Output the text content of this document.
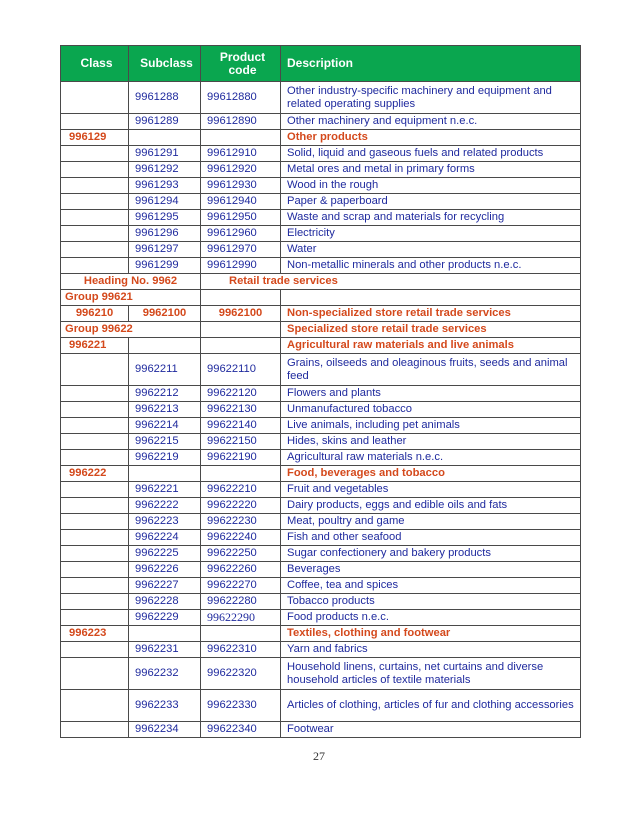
Class	Subclass	Product code	Description
	9961288	99612880	Other industry-specific machinery and equipment and related operating supplies
	9961289	99612890	Other machinery and equipment n.e.c.
996129			Other products
	9961291	99612910	Solid, liquid and gaseous fuels and related products
	9961292	99612920	Metal ores and metal in primary forms
	9961293	99612930	Wood in the rough
	9961294	99612940	Paper & paperboard
	9961295	99612950	Waste and scrap and materials for recycling
	9961296	99612960	Electricity
	9961297	99612970	Water
	9961299	99612990	Non-metallic minerals and other products n.e.c.
Heading No. 9962		Retail trade services	
Group 99621			
996210	9962100	9962100	Non-specialized store retail trade services
Group 99622			Specialized store retail trade services
996221			Agricultural raw materials and live animals
	9962211	99622110	Grains, oilseeds and oleaginous fruits, seeds and animal feed
	9962212	99622120	Flowers and plants
	9962213	99622130	Unmanufactured tobacco
	9962214	99622140	Live animals, including pet animals
	9962215	99622150	Hides, skins and leather
	9962219	99622190	Agricultural raw materials n.e.c.
996222			Food, beverages and tobacco
	9962221	99622210	Fruit and vegetables
	9962222	99622220	Dairy products, eggs and edible oils and fats
	9962223	99622230	Meat, poultry and game
	9962224	99622240	Fish and other seafood
	9962225	99622250	Sugar confectionery and bakery products
	9962226	99622260	Beverages
	9962227	99622270	Coffee, tea and spices
	9962228	99622280	Tobacco products
	9962229	99622290	Food products n.e.c.
996223			Textiles, clothing and footwear
	9962231	99622310	Yarn and fabrics
	9962232	99622320	Household linens, curtains, net curtains and diverse household articles of textile materials
	9962233	99622330	Articles of clothing, articles of fur and clothing accessories
	9962234	99622340	Footwear
27
